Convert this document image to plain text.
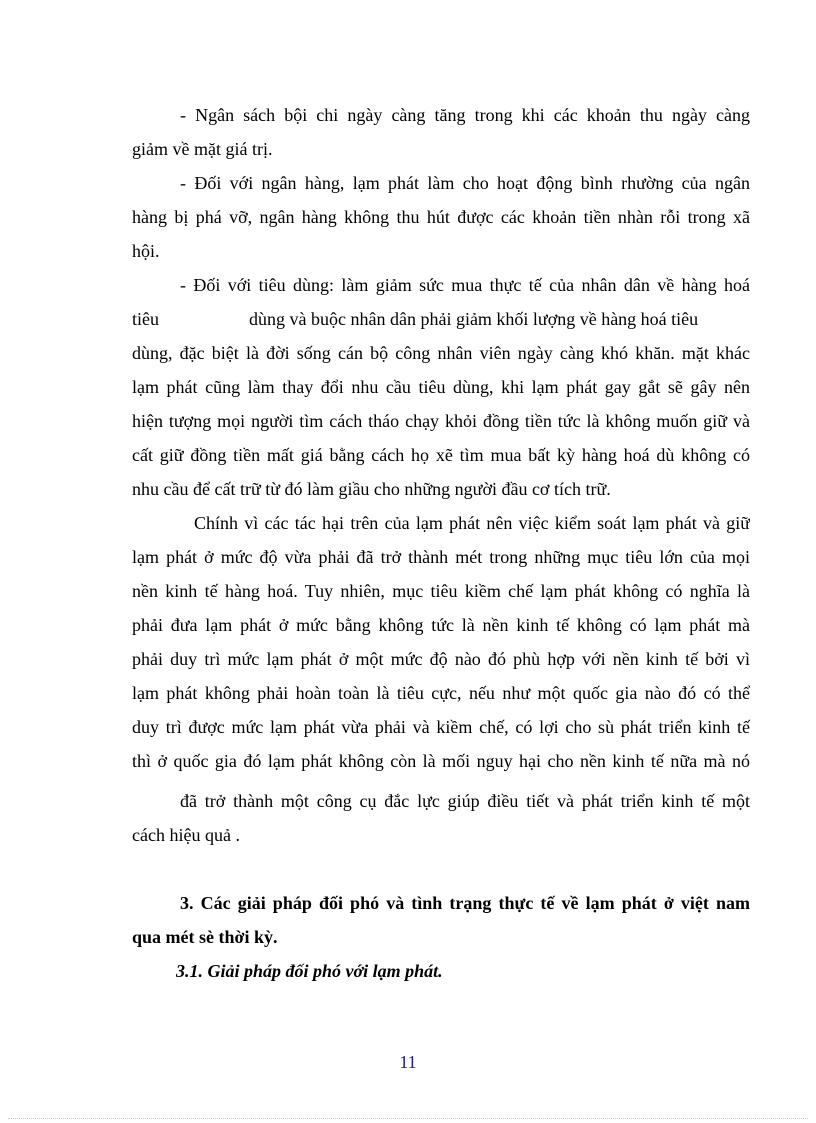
- Ngân sách bội chi ngày càng tăng trong khi các khoản thu ngày càng
giảm về mặt giá trị.
- Đối với ngân hàng, lạm phát làm cho hoạt động bình rhường của ngân
hàng bị phá vỡ, ngân hàng không thu hút được các khoản tiền nhàn rỗi trong xã
hội.
- Đối với tiêu dùng: làm giảm sức mua thực tế của nhân dân về hàng hoá
tiêu                    dùng và buộc nhân dân phải giảm khối lượng về hàng hoá tiêu
dùng, đặc biệt là đời sống cán bộ công nhân viên ngày càng khó khăn. mặt khác
lạm phát cũng làm thay đổi nhu cầu tiêu dùng, khi lạm phát gay gắt sẽ gây nên
hiện tượng mọi người tìm cách tháo chạy khỏi đồng tiền tức là không muốn giữ và
cất giữ đồng tiền mất giá bằng cách họ xẽ tìm mua bất kỳ hàng hoá dù không có
nhu cầu để cất trữ từ đó làm giầu cho những người đầu cơ tích trữ.
Chính vì các tác hại trên của lạm phát nên việc kiểm soát lạm phát và giữ
lạm phát ở mức độ vừa phải đã trở thành mét trong những mục tiêu lớn của mọi
nền kinh tế hàng hoá. Tuy nhiên, mục tiêu kiềm chế lạm phát không có nghĩa là
phải đưa lạm phát ở mức bằng không tức là nền kinh tế không có lạm phát mà
phải duy trì mức lạm phát ở một mức độ nào đó phù hợp với nền kinh tế bởi vì
lạm phát không phải hoàn toàn là tiêu cực, nếu như một quốc gia nào đó có thể
duy trì được mức lạm phát vừa phải và kiềm chế, có lợi cho sù phát triển kinh tế
thì ở quốc gia đó lạm phát không còn là mối nguy hại cho nền kinh tế nữa mà nó
đã trở thành một công cụ đắc lực giúp điều tiết và phát triển kinh tế một
cách hiệu quả .
3. Các giải pháp đối phó và tình trạng thực tế về lạm phát ở việt nam
qua mét sè thời kỳ.
3.1. Giải pháp đối phó với lạm phát.
11
